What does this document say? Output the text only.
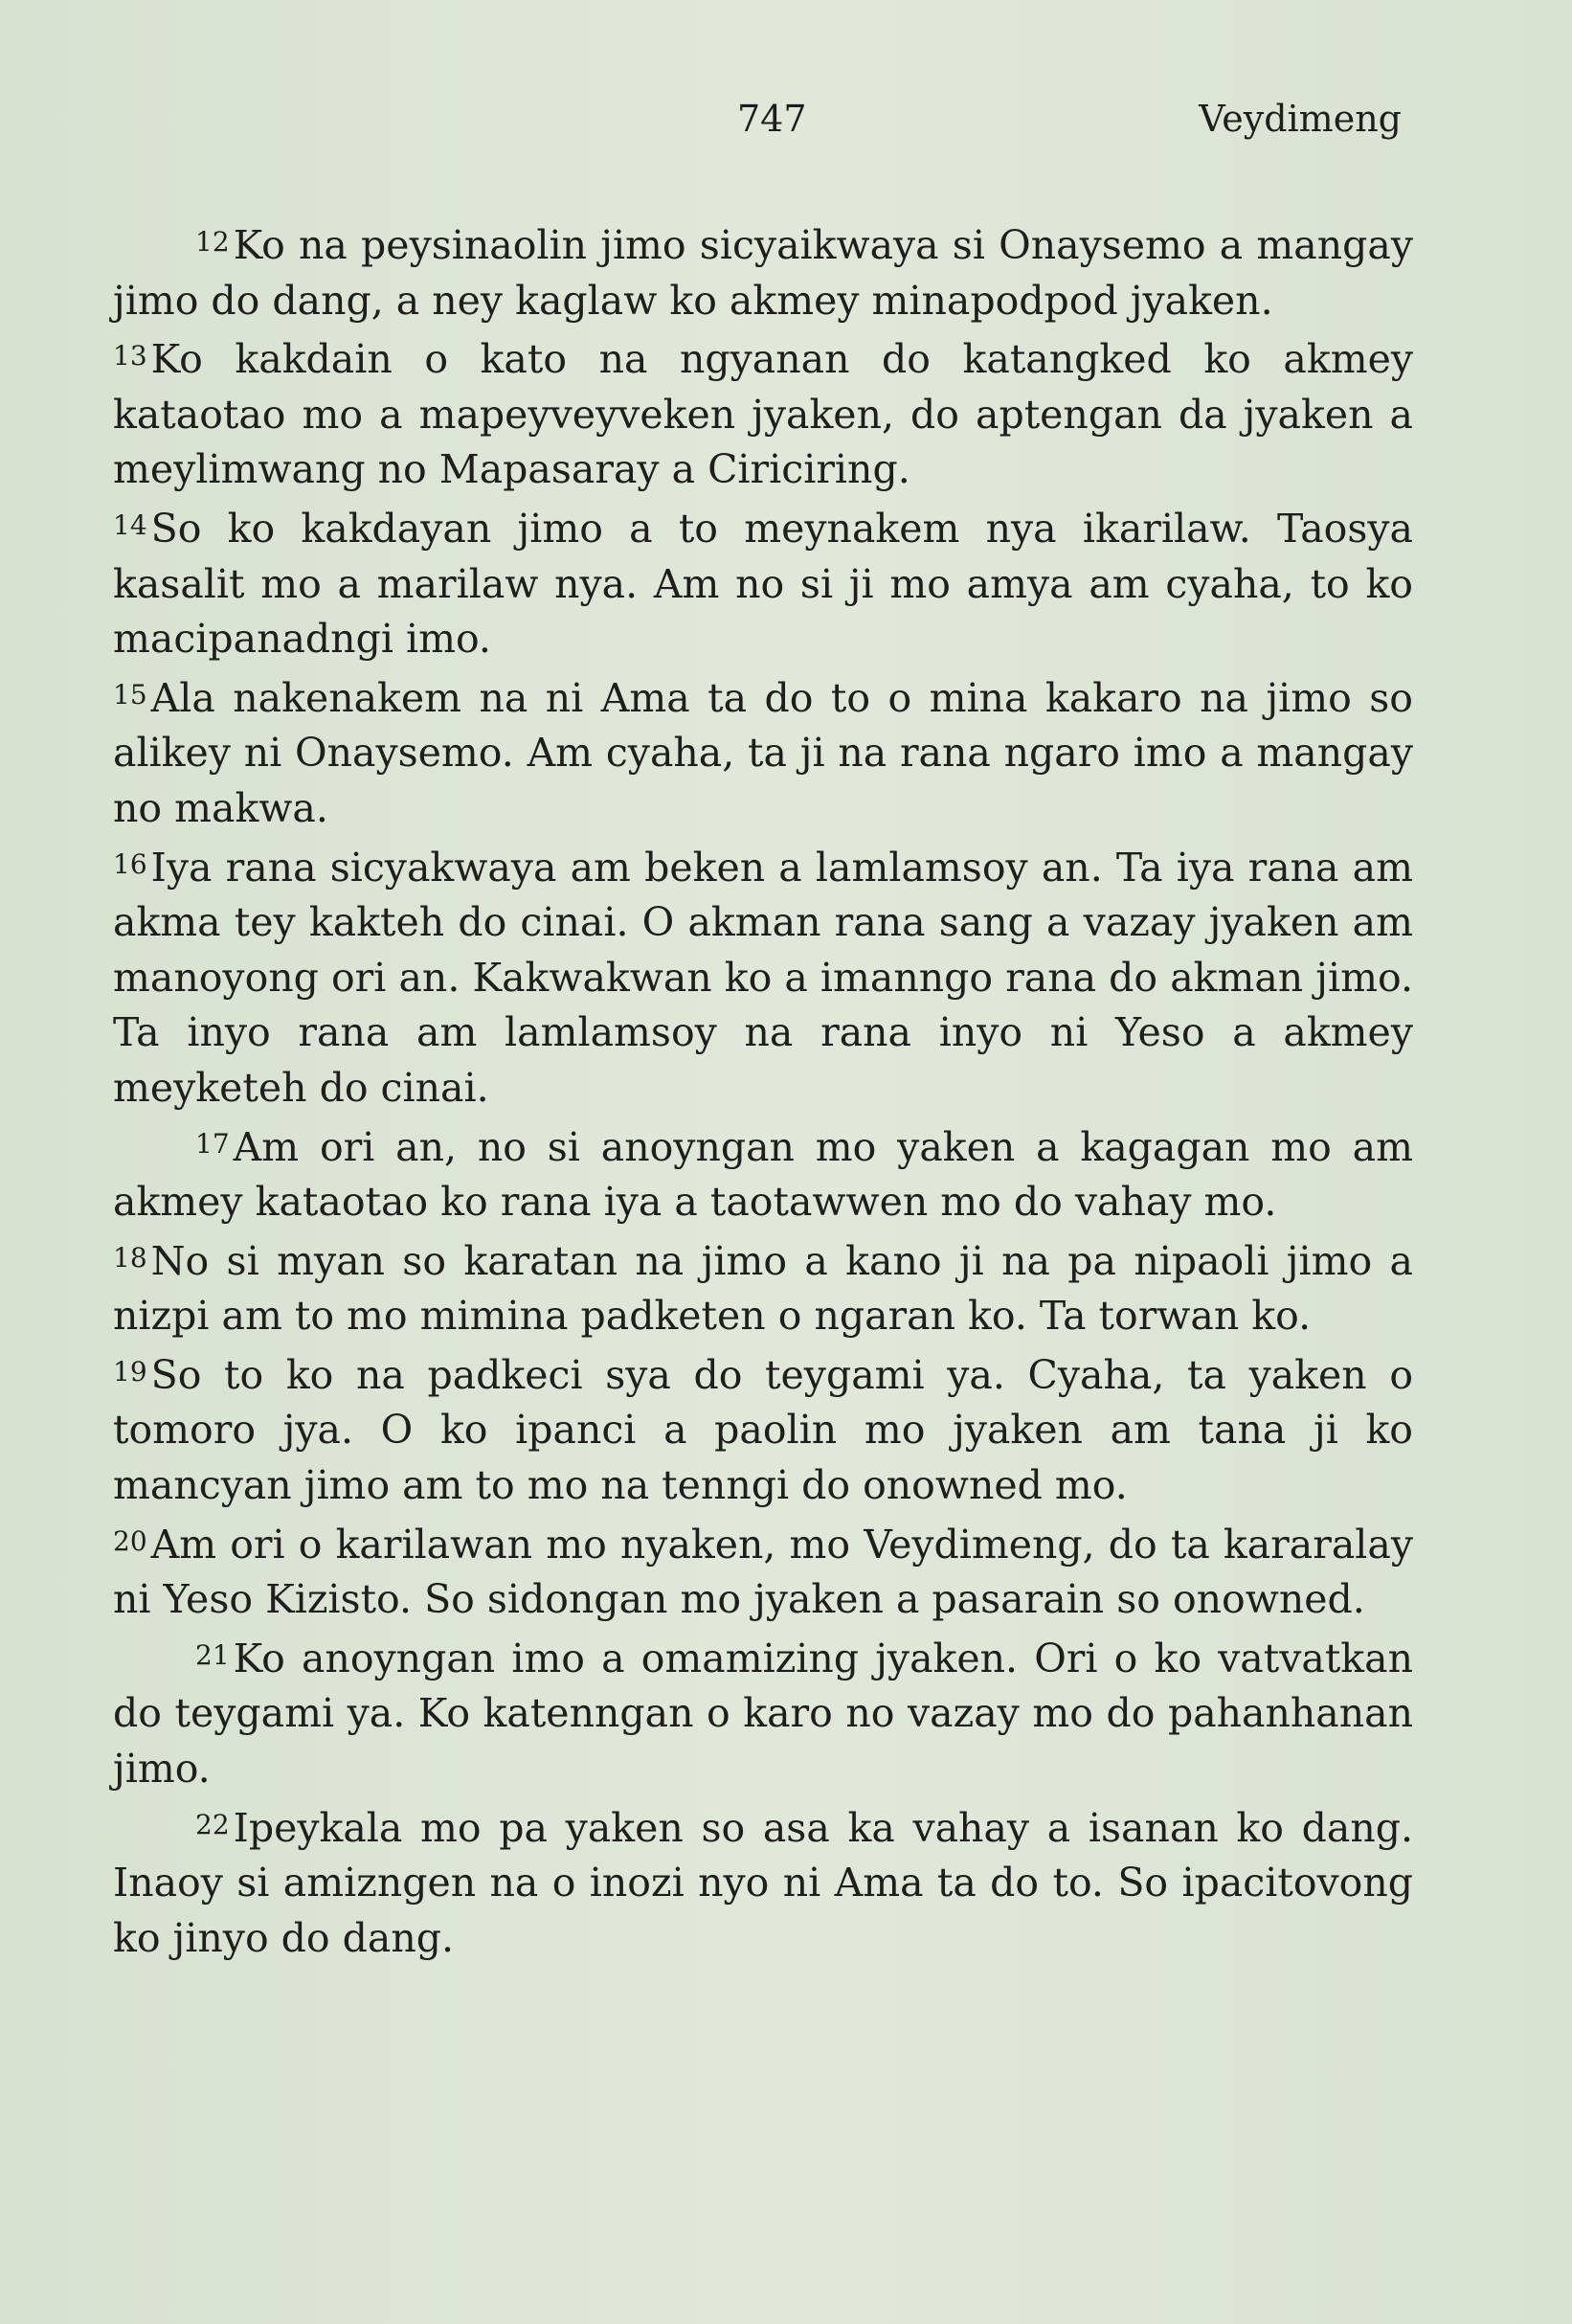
747	Veydimeng

12Ko na peysinaolin jimo sicyaikwaya si Onaysemo a mangay jimo do dang, a ney kaglaw ko akmey minapodpod jyaken.

13Ko kakdain o kato na ngyanan do katangked ko akmey kataotao mo a mapeyveyveken jyaken, do aptengan da jyaken a meylimwang no Mapasaray a Ciriciring.

14So ko kakdayan jimo a to meynakem nya ikarilaw. Taosya kasalit mo a marilaw nya. Am no si ji mo amya am cyaha, to ko macipanadngi imo.

15Ala nakenakem na ni Ama ta do to o mina kakaro na jimo so alikey ni Onaysemo. Am cyaha, ta ji na rana ngaro imo a mangay no makwa.

16Iya rana sicyakwaya am beken a lamlamsoy an. Ta iya rana am akma tey kakteh do cinai. O akman rana sang a vazay jyaken am manoyong ori an. Kakwakwan ko a imanngo rana do akman jimo. Ta inyo rana am lamlamsoy na rana inyo ni Yeso a akmey meyketeh do cinai.

17Am ori an, no si anoyngan mo yaken a kagagan mo am akmey kataotao ko rana iya a taotawwen mo do vahay mo.

18No si myan so karatan na jimo a kano ji na pa nipaoli jimo a nizpi am to mo mimina padketen o ngaran ko. Ta torwan ko.

19So to ko na padkeci sya do teygami ya. Cyaha, ta yaken o tomoro jya. O ko ipanci a paolin mo jyaken am tana ji ko mancyan jimo am to mo na tenngi do onowned mo.

20Am ori o karilawan mo nyaken, mo Veydimeng, do ta kararalay ni Yeso Kizisto. So sidongan mo jyaken a pasarain so onowned.

21Ko anoyngan imo a omamizing jyaken. Ori o ko vatvatkan do teygami ya. Ko katenngan o karo no vazay mo do pahanhanan jimo.

22Ipeykala mo pa yaken so asa ka vahay a isanan ko dang. Inaoy si amizngen na o inozi nyo ni Ama ta do to. So ipacitovong ko jinyo do dang.
